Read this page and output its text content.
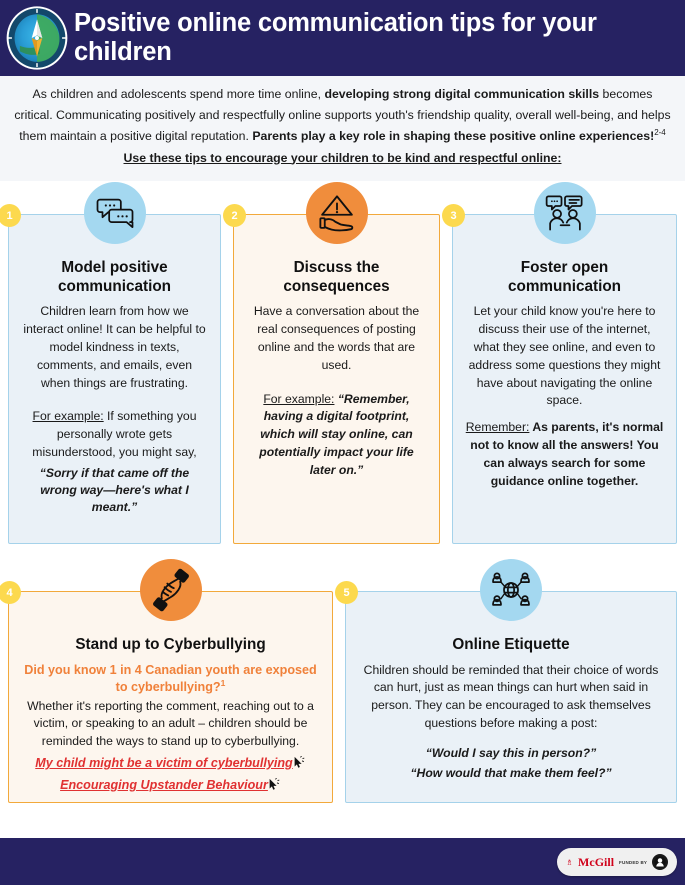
Positive online communication tips for your children
As children and adolescents spend more time online, developing strong digital communication skills becomes critical. Communicating positively and respectfully online supports youth's friendship quality, overall well-being, and helps them maintain a positive digital reputation. Parents play a key role in shaping these positive online experiences!$^{2-4}$ Use these tips to encourage your children to be kind and respectful online:
1
Model positive communication

Children learn from how we interact online! It can be helpful to model kindness in texts, comments, and emails, even when things are frustrating.

For example: If something you personally wrote gets misunderstood, you might say,

“Sorry if that came off the wrong way—here's what I meant.”

2
Discuss the consequences

Have a conversation about the real consequences of posting online and the words that are used.

For example: “Remember, having a digital footprint, which will stay online, can potentially impact your life later on.”

3
Foster open communication

Let your child know you're here to discuss their use of the internet, what they see online, and even to address some questions they might have about navigating the online space.

Remember: As parents, it's normal not to know all the answers! You can always search for some guidance online together.

4
Stand up to Cyberbullying
Did you know 1 in 4 Canadian youth are exposed to cyberbullying?$^1$

Whether it's reporting the comment, reaching out to a victim, or speaking to an adult – children should be reminded the ways to stand up to cyberbullying.

My child might be a victim of cyberbullying

Encouraging Upstander Behaviour

5
Online Etiquette

Children should be reminded that their choice of words can hurt, just as mean things can hurt when said in person. They can be encouraged to ask themselves questions before making a post:

“Would I say this in person?”

“How would that make them feel?”

♗ McGill FUNDED BY
